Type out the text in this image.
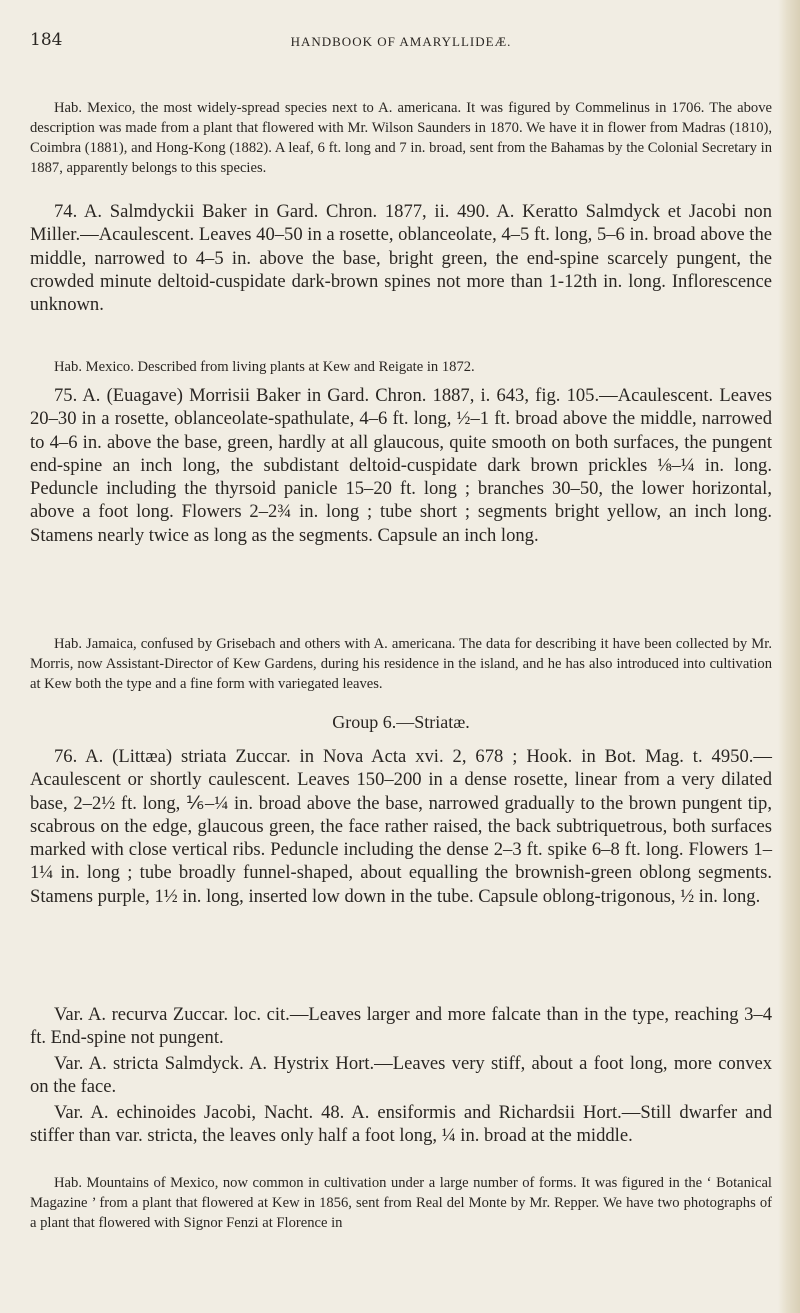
184	HANDBOOK OF AMARYLLIDEÆ.

Hab. Mexico, the most widely-spread species next to A. americana. It was figured by Commelinus in 1706. The above description was made from a plant that flowered with Mr. Wilson Saunders in 1870. We have it in flower from Madras (1810), Coimbra (1881), and Hong-Kong (1882). A leaf, 6 ft. long and 7 in. broad, sent from the Bahamas by the Colonial Secretary in 1887, apparently belongs to this species.

74. A. Salmdyckii Baker in Gard. Chron. 1877, ii. 490. A. Keratto Salmdyck et Jacobi non Miller.—Acaulescent. Leaves 40–50 in a rosette, oblanceolate, 4–5 ft. long, 5–6 in. broad above the middle, narrowed to 4–5 in. above the base, bright green, the end-spine scarcely pungent, the crowded minute deltoid-cuspidate dark-brown spines not more than 1-12th in. long. Inflorescence unknown.

Hab. Mexico. Described from living plants at Kew and Reigate in 1872.

75. A. (Euagave) Morrisii Baker in Gard. Chron. 1887, i. 643, fig. 105.—Acaulescent. Leaves 20–30 in a rosette, oblanceolate-spathulate, 4–6 ft. long, ½–1 ft. broad above the middle, narrowed to 4–6 in. above the base, green, hardly at all glaucous, quite smooth on both surfaces, the pungent end-spine an inch long, the subdistant deltoid-cuspidate dark brown prickles ⅛–¼ in. long. Peduncle including the thyrsoid panicle 15–20 ft. long ; branches 30–50, the lower horizontal, above a foot long. Flowers 2–2¾ in. long ; tube short ; segments bright yellow, an inch long. Stamens nearly twice as long as the segments. Capsule an inch long.

Hab. Jamaica, confused by Grisebach and others with A. americana. The data for describing it have been collected by Mr. Morris, now Assistant-Director of Kew Gardens, during his residence in the island, and he has also introduced into cultivation at Kew both the type and a fine form with variegated leaves.

Group 6.—Striatæ.

76. A. (Littæa) striata Zuccar. in Nova Acta xvi. 2, 678 ; Hook. in Bot. Mag. t. 4950.—Acaulescent or shortly caulescent. Leaves 150–200 in a dense rosette, linear from a very dilated base, 2–2½ ft. long, ⅙–¼ in. broad above the base, narrowed gradually to the brown pungent tip, scabrous on the edge, glaucous green, the face rather raised, the back subtriquetrous, both surfaces marked with close vertical ribs. Peduncle including the dense 2–3 ft. spike 6–8 ft. long. Flowers 1–1¼ in. long ; tube broadly funnel-shaped, about equalling the brownish-green oblong segments. Stamens purple, 1½ in. long, inserted low down in the tube. Capsule oblong-trigonous, ½ in. long.

Var. A. recurva Zuccar. loc. cit.—Leaves larger and more falcate than in the type, reaching 3–4 ft. End-spine not pungent.

Var. A. stricta Salmdyck. A. Hystrix Hort.—Leaves very stiff, about a foot long, more convex on the face.

Var. A. echinoides Jacobi, Nacht. 48. A. ensiformis and Richardsii Hort.—Still dwarfer and stiffer than var. stricta, the leaves only half a foot long, ¼ in. broad at the middle.

Hab. Mountains of Mexico, now common in cultivation under a large number of forms. It was figured in the ‘ Botanical Magazine ’ from a plant that flowered at Kew in 1856, sent from Real del Monte by Mr. Repper. We have two photographs of a plant that flowered with Signor Fenzi at Florence in
